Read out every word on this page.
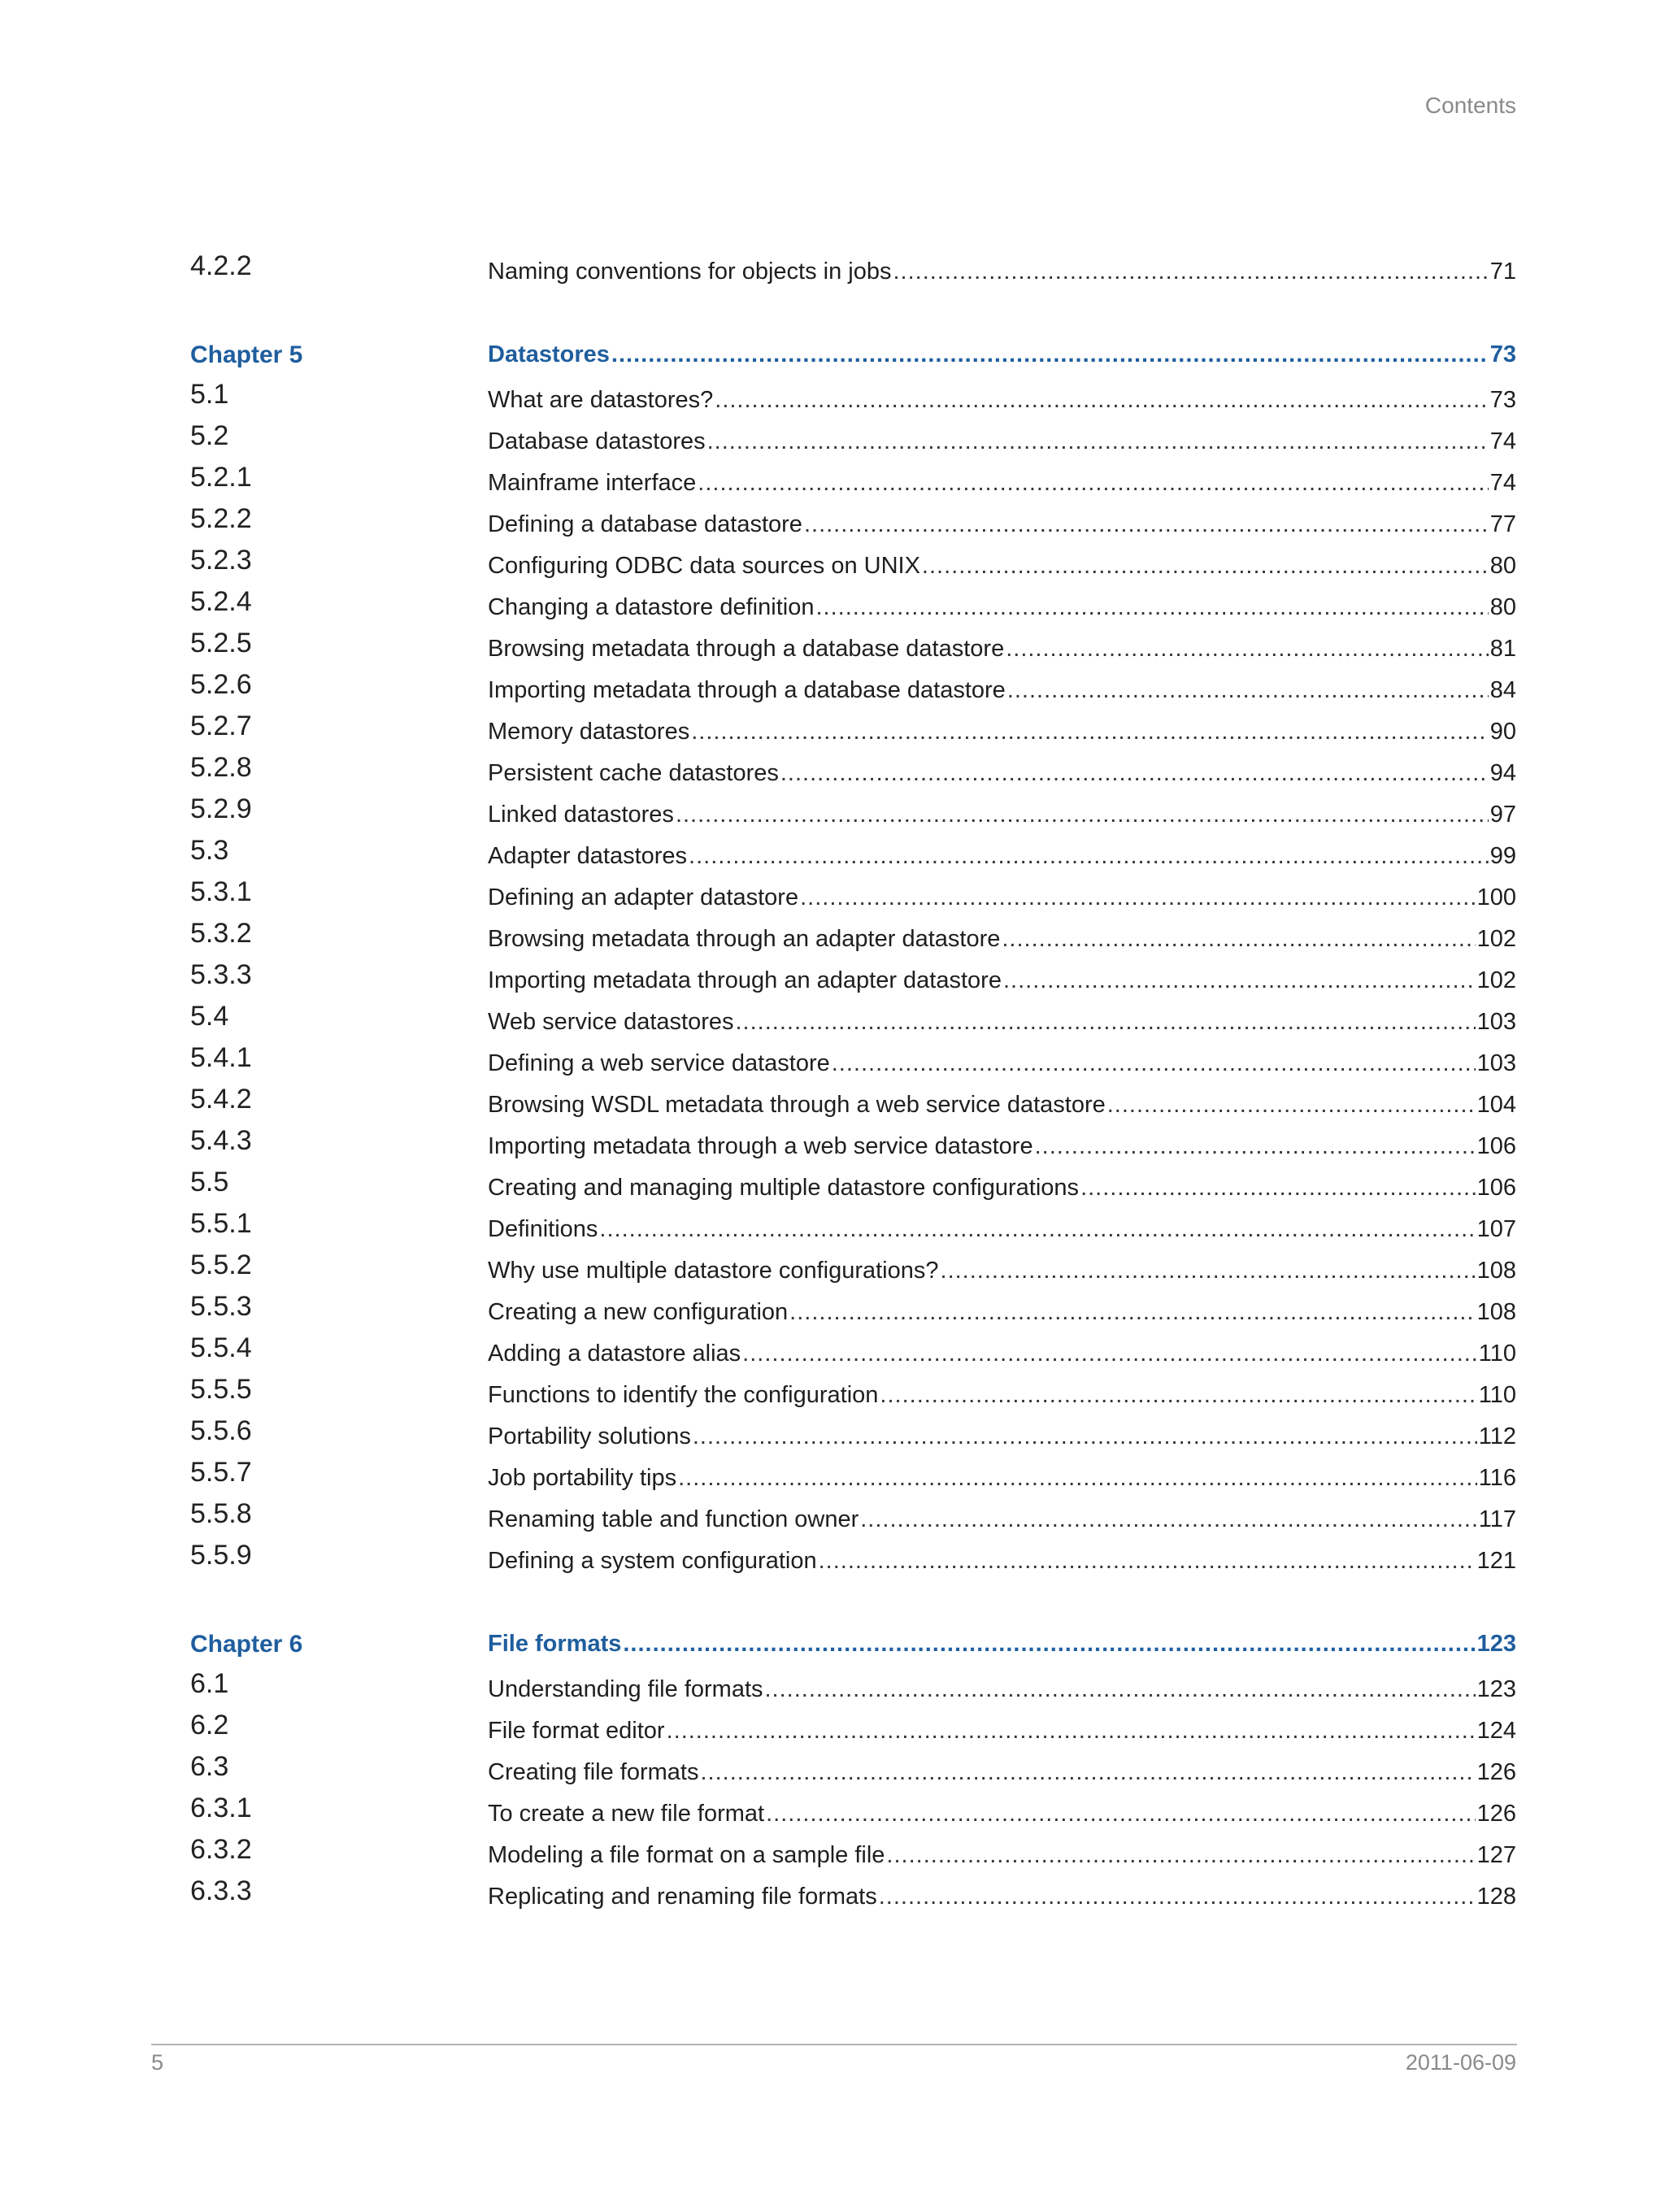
Contents
4.2.2	Naming conventions for objects in jobs .....	71
Chapter 5	Datastores .....	73
5.1	What are datastores? .....	73
5.2	Database datastores .....	74
5.2.1	Mainframe interface .....	74
5.2.2	Defining a database datastore .....	77
5.2.3	Configuring ODBC data sources on UNIX .....	80
5.2.4	Changing a datastore definition .....	80
5.2.5	Browsing metadata through a database datastore .....	81
5.2.6	Importing metadata through a database datastore .....	84
5.2.7	Memory datastores .....	90
5.2.8	Persistent cache datastores .....	94
5.2.9	Linked datastores .....	97
5.3	Adapter datastores .....	99
5.3.1	Defining an adapter datastore .....	100
5.3.2	Browsing metadata through an adapter datastore .....	102
5.3.3	Importing metadata through an adapter datastore .....	102
5.4	Web service datastores .....	103
5.4.1	Defining a web service datastore .....	103
5.4.2	Browsing WSDL metadata through a web service datastore .....	104
5.4.3	Importing metadata through a web service datastore .....	106
5.5	Creating and managing multiple datastore configurations .....	106
5.5.1	Definitions .....	107
5.5.2	Why use multiple datastore configurations? .....	108
5.5.3	Creating a new configuration .....	108
5.5.4	Adding a datastore alias .....	110
5.5.5	Functions to identify the configuration .....	110
5.5.6	Portability solutions .....	112
5.5.7	Job portability tips .....	116
5.5.8	Renaming table and function owner .....	117
5.5.9	Defining a system configuration .....	121
Chapter 6	File formats .....	123
6.1	Understanding file formats .....	123
6.2	File format editor .....	124
6.3	Creating file formats .....	126
6.3.1	To create a new file format .....	126
6.3.2	Modeling a file format on a sample file .....	127
6.3.3	Replicating and renaming file formats .....	128
5	2011-06-09
